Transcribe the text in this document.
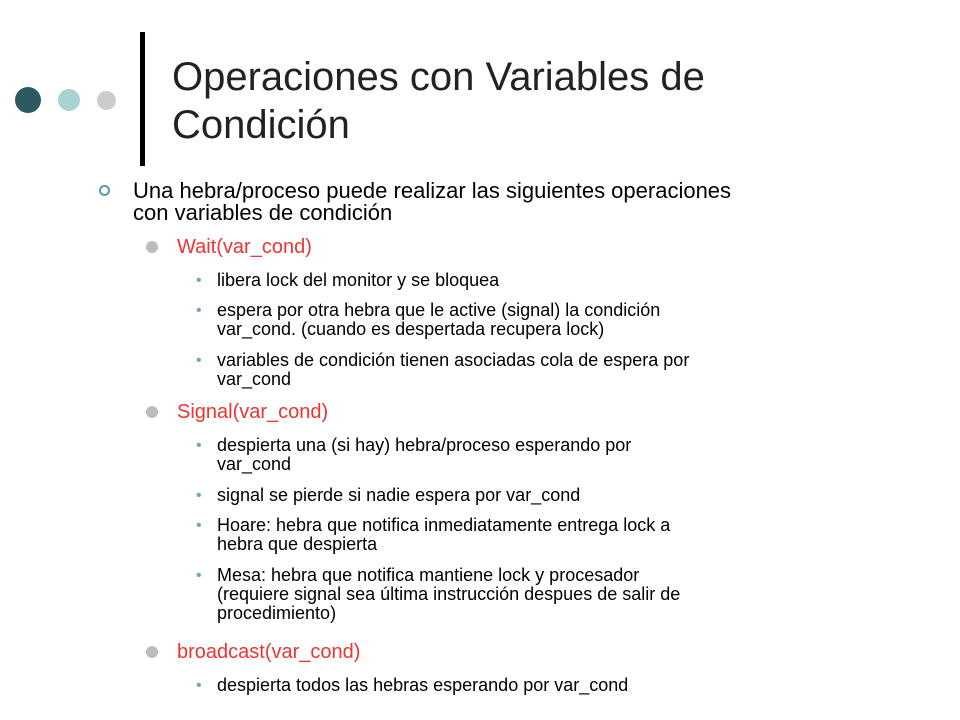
Operaciones con Variables de
Condición
Una hebra/proceso puede realizar las siguientes operaciones
con variables de condición
Wait(var_cond)
• libera lock del monitor y se bloquea
• espera por otra hebra que le active (signal) la condición
var_cond. (cuando es despertada recupera lock)
• variables de condición tienen asociadas cola de espera por
var_cond
Signal(var_cond)
• despierta una (si hay) hebra/proceso esperando por
var_cond
• signal se pierde si nadie espera por var_cond
• Hoare: hebra que notifica inmediatamente entrega lock a
hebra que despierta
• Mesa: hebra que notifica mantiene lock y procesador
(requiere signal sea última instrucción despues de salir de
procedimiento)
broadcast(var_cond)
• despierta todos las hebras esperando por var_cond
